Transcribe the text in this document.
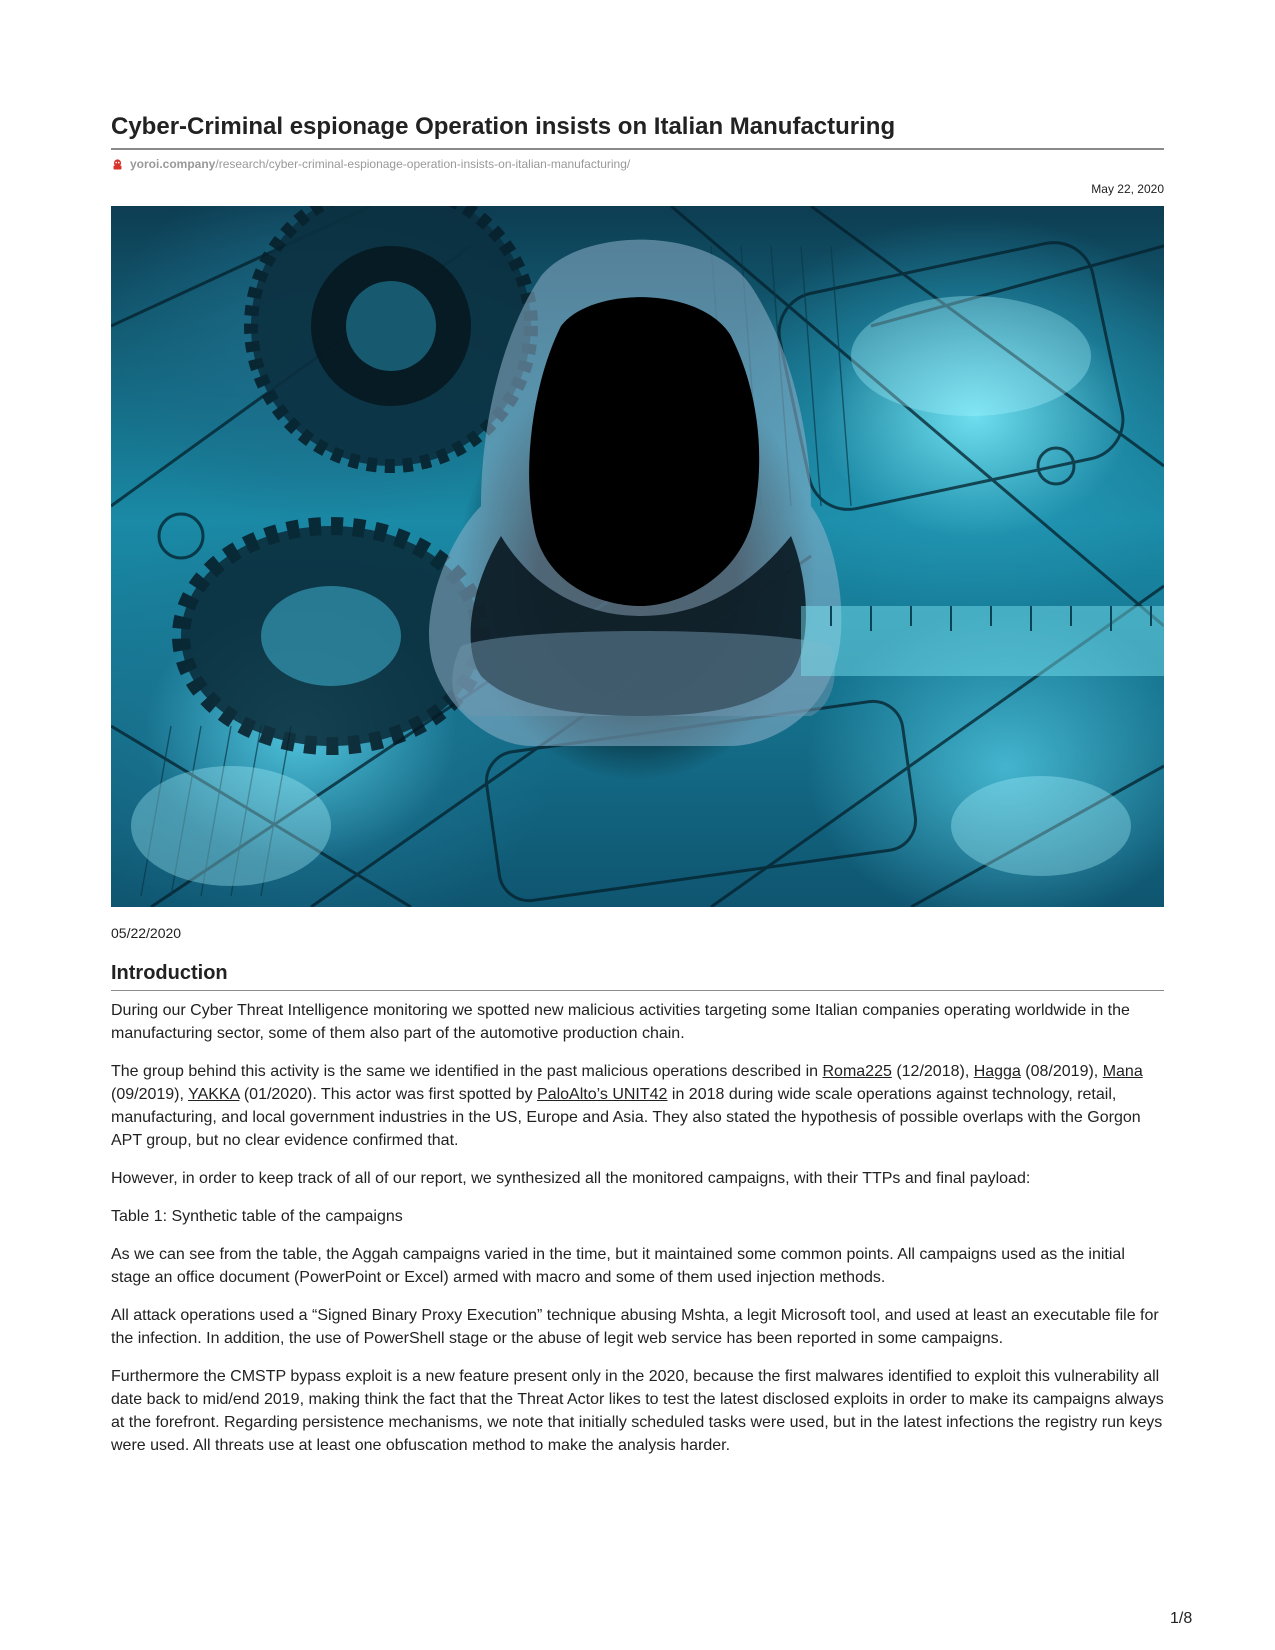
Cyber-Criminal espionage Operation insists on Italian Manufacturing
yoroi.company/research/cyber-criminal-espionage-operation-insists-on-italian-manufacturing/
May 22, 2020
05/22/2020
Introduction

During our Cyber Threat Intelligence monitoring we spotted new malicious activities targeting some Italian companies operating worldwide in the manufacturing sector, some of them also part of the automotive production chain.

The group behind this activity is the same we identified in the past malicious operations described in Roma225 (12/2018), Hagga (08/2019), Mana (09/2019), YAKKA (01/2020). This actor was first spotted by PaloAlto’s UNIT42 in 2018 during wide scale operations against technology, retail, manufacturing, and local government industries in the US, Europe and Asia. They also stated the hypothesis of possible overlaps with the Gorgon APT group, but no clear evidence confirmed that.

However, in order to keep track of all of our report, we synthesized all the monitored campaigns, with their TTPs and final payload:

Table 1: Synthetic table of the campaigns

As we can see from the table, the Aggah campaigns varied in the time, but it maintained some common points. All campaigns used as the initial stage an office document (PowerPoint or Excel) armed with macro and some of them used injection methods.

All attack operations used a “Signed Binary Proxy Execution” technique abusing Mshta, a legit Microsoft tool, and used at least an executable file for the infection. In addition, the use of PowerShell stage or the abuse of legit web service has been reported in some campaigns.

Furthermore the CMSTP bypass exploit is a new feature present only in the 2020, because the first malwares identified to exploit this vulnerability all date back to mid/end 2019, making think the fact that the Threat Actor likes to test the latest disclosed exploits in order to make its campaigns always at the forefront. Regarding persistence mechanisms, we note that initially scheduled tasks were used, but in the latest infections the registry run keys were used. All threats use at least one obfuscation method to make the analysis harder.

1/8
